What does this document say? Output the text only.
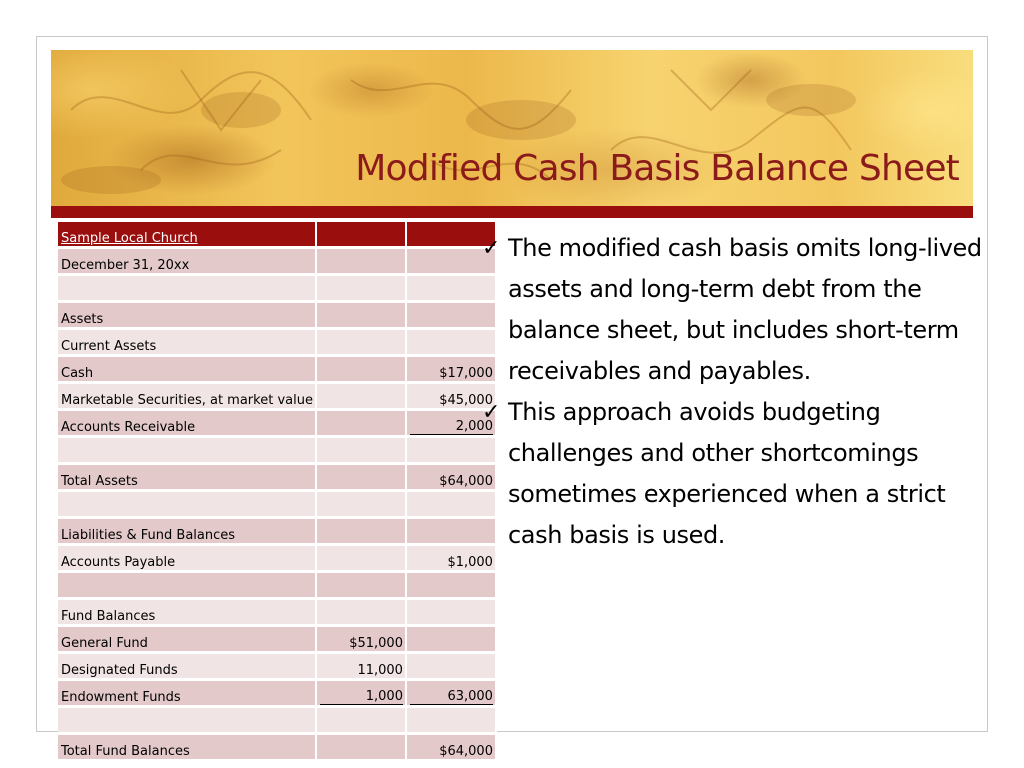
Modified Cash Basis Balance Sheet
Sample Local Church		
December 31, 20xx		

Assets		
Current Assets		
Cash		$17,000
Marketable Securities, at market value		$45,000
Accounts Receivable		2,000

Total Assets		$64,000

Liabilities & Fund Balances		
Accounts Payable		$1,000

Fund Balances		
General Fund	$51,000	
Designated Funds	11,000	
Endowment Funds	1,000	63,000

Total Fund Balances		$64,000
✓ The modified cash basis omits long-lived assets and long-term debt from the balance sheet, but includes short-term receivables and payables.
✓ This approach avoids budgeting challenges and other shortcomings sometimes experienced when a strict cash basis is used.
